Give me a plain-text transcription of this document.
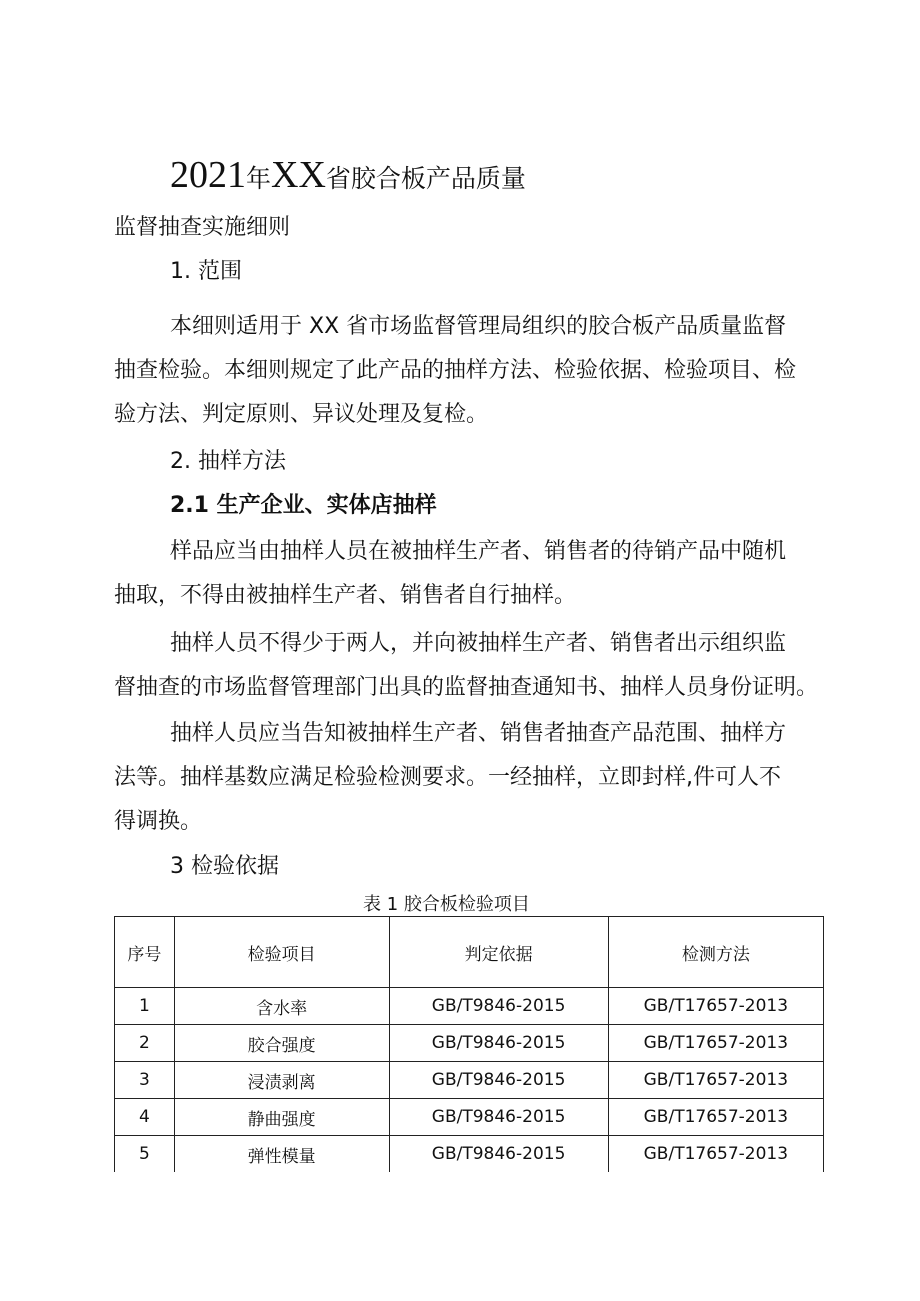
2021年XX省胶合板产品质量
监督抽查实施细则
1. 范围
本细则适用于 XX 省市场监督管理局组织的胶合板产品质量监督
抽查检验。本细则规定了此产品的抽样方法、检验依据、检验项目、检
验方法、判定原则、异议处理及复检。
2. 抽样方法
2.1 生产企业、实体店抽样
样品应当由抽样人员在被抽样生产者、销售者的待销产品中随机
抽取，不得由被抽样生产者、销售者自行抽样。
抽样人员不得少于两人，并向被抽样生产者、销售者出示组织监
督抽查的市场监督管理部门出具的监督抽查通知书、抽样人员身份证明。
抽样人员应当告知被抽样生产者、销售者抽查产品范围、抽样方
法等。抽样基数应满足检验检测要求。一经抽样，立即封样,件可人不
得调换。
3 检验依据
表 1 胶合板检验项目
序号	检验项目	判定依据	检测方法
1	含水率	GB/T9846-2015	GB/T17657-2013
2	胶合强度	GB/T9846-2015	GB/T17657-2013
3	浸渍剥离	GB/T9846-2015	GB/T17657-2013
4	静曲强度	GB/T9846-2015	GB/T17657-2013
5	弹性模量	GB/T9846-2015	GB/T17657-2013
